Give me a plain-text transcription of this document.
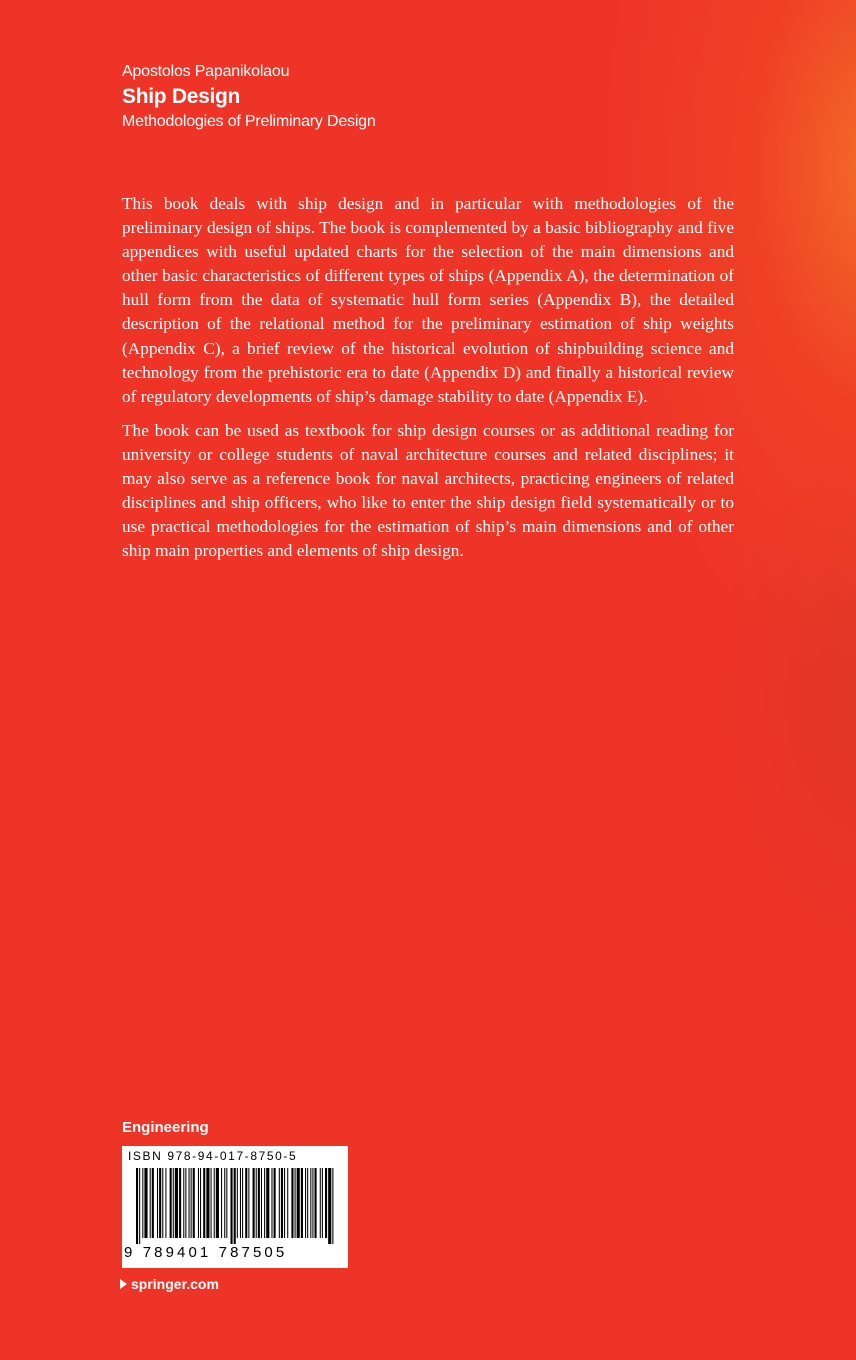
Apostolos Papanikolaou
Ship Design
Methodologies of Preliminary Design

This book deals with ship design and in particular with methodologies of the preliminary design of ships. The book is complemented by a basic bibliography and five appendices with useful updated charts for the selection of the main dimensions and other basic characteristics of different types of ships (Appendix A), the determination of hull form from the data of systematic hull form series (Appendix B), the detailed description of the relational method for the preliminary estimation of ship weights (Appendix C), a brief review of the historical evolution of shipbuilding science and technology from the prehistoric era to date (Appendix D) and finally a historical review of regulatory developments of ship’s damage stability to date (Appendix E).

The book can be used as textbook for ship design courses or as additional reading for university or college students of naval architecture courses and related disciplines; it may also serve as a reference book for naval architects, practicing engineers of related disciplines and ship officers, who like to enter the ship design field systematically or to use practical methodologies for the estimation of ship’s main dimensions and of other ship main properties and elements of ship design.

Engineering
ISBN 978-94-017-8750-5
9 789401 787505
springer.com
